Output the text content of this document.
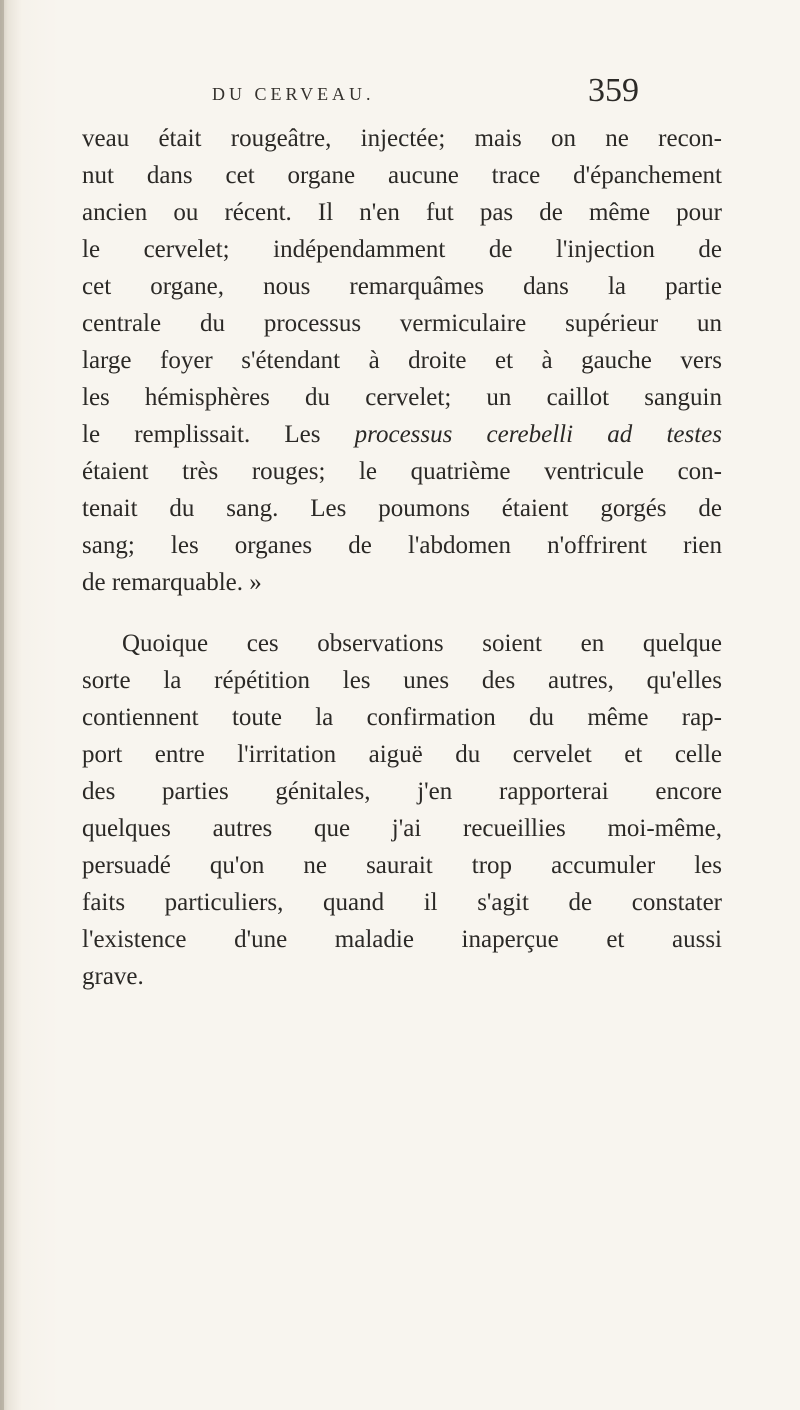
DU CERVEAU.	359
veau était rougeâtre, injectée; mais on ne recon-
nut dans cet organe aucune trace d'épanchement
ancien ou récent. Il n'en fut pas de même pour
le cervelet; indépendamment de l'injection de
cet organe, nous remarquâmes dans la partie
centrale du processus vermiculaire supérieur un
large foyer s'étendant à droite et à gauche vers
les hémisphères du cervelet; un caillot sanguin
le remplissait. Les processus cerebelli ad testes
étaient très rouges; le quatrième ventricule con-
tenait du sang. Les poumons étaient gorgés de
sang; les organes de l'abdomen n'offrirent rien
de remarquable. »
Quoique ces observations soient en quelque
sorte la répétition les unes des autres, qu'elles
contiennent toute la confirmation du même rap-
port entre l'irritation aiguë du cervelet et celle
des parties génitales, j'en rapporterai encore
quelques autres que j'ai recueillies moi-même,
persuadé qu'on ne saurait trop accumuler les
faits particuliers, quand il s'agit de constater
l'existence d'une maladie inaperçue et aussi
grave.
